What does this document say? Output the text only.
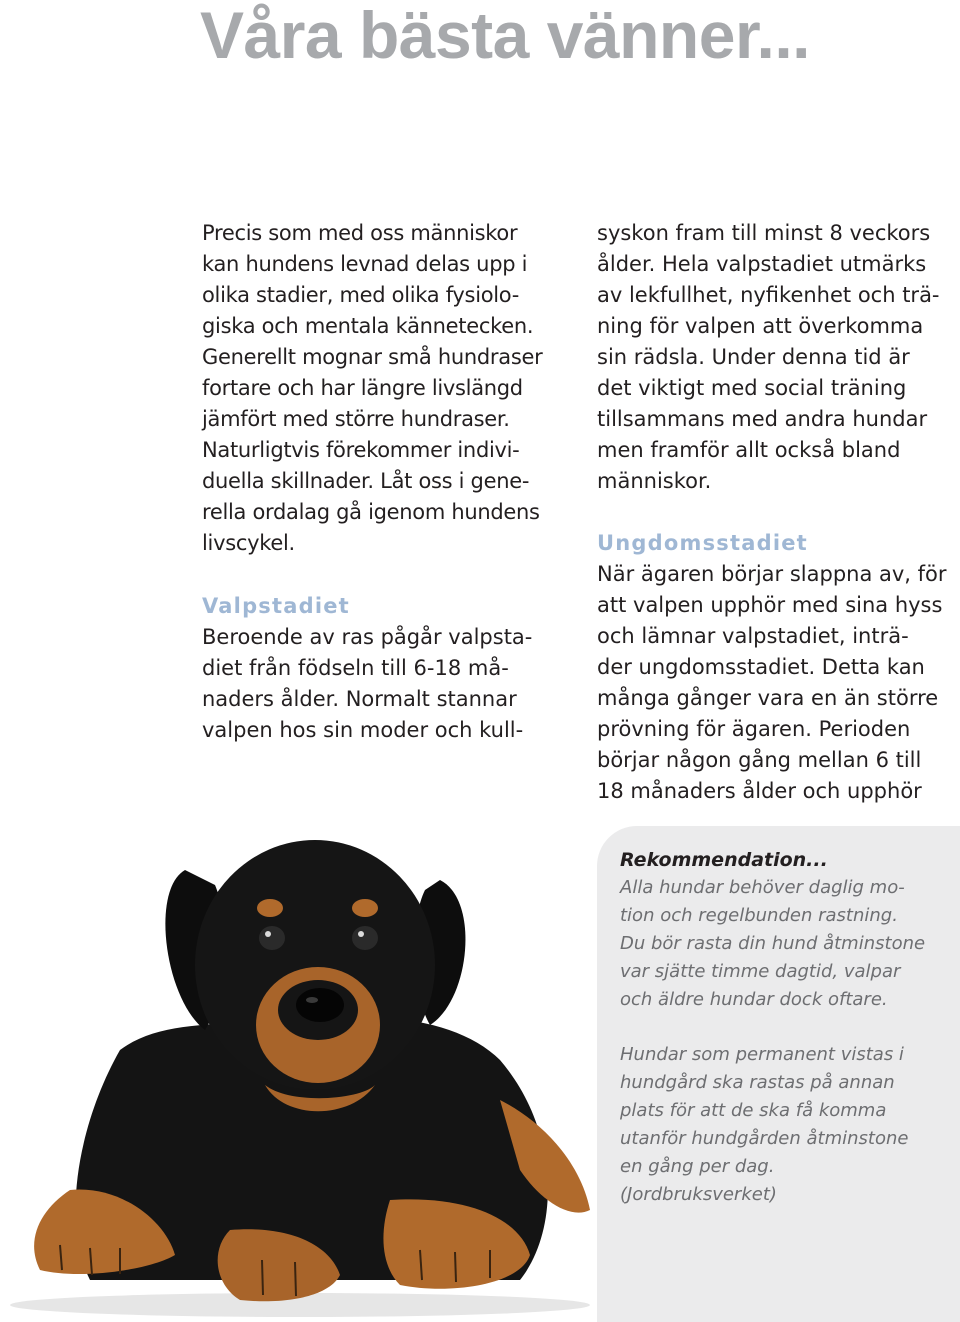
Våra bästa vänner...

Precis som med oss människor

kan hundens levnad delas upp i

olika stadier, med olika fysiolo-

giska och mentala kännetecken.

Generellt mognar små hundraser

fortare och har längre livslängd

jämfört med större hundraser.

Naturligtvis förekommer indivi-

duella skillnader. Låt oss i gene-

rella ordalag gå igenom hundens

livscykel.

Valpstadiet

Beroende av ras pågår valpsta-

diet från födseln till 6-18 må-

naders ålder. Normalt stannar

valpen hos sin moder och kull-

syskon fram till minst 8 veckors

ålder. Hela valpstadiet utmärks

av lekfullhet, nyfikenhet och trä-

ning för valpen att överkomma

sin rädsla. Under denna tid är

det viktigt med social träning

tillsammans med andra hundar

men framför allt också bland

människor.

Ungdomsstadiet

När ägaren börjar slappna av, för

att valpen upphör med sina hyss

och lämnar valpstadiet, inträ-

der ungdomsstadiet. Detta kan

många gånger vara en än större

prövning för ägaren. Perioden

börjar någon gång mellan 6 till

18 månaders ålder och upphör

Rekommendation...

Alla hundar behöver daglig mo-

tion och regelbunden rastning.

Du bör rasta din hund åtminstone

var sjätte timme dagtid, valpar

och äldre hundar dock oftare.

Hundar som permanent vistas i

hundgård ska rastas på annan

plats för att de ska få komma

utanför hundgården åtminstone

en gång per dag.

(Jordbruksverket)
